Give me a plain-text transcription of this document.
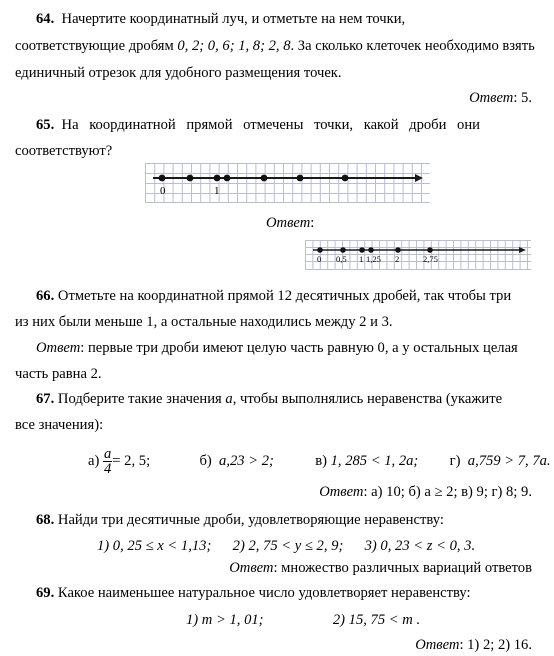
64. Начертите координатный луч, и отметьте на нем точки,
соответствующие дробям 0, 2; 0, 6; 1, 8; 2, 8. За сколько клеточек необходимо взять
единичный отрезок для удобного размещения точек.
Ответ: 5.
65. На координатной прямой отмечены точки, какой дроби они
соответствуют?
0	1
Ответ:
0 0,5 1 1,25 2	2,75
66. Отметьте на координатной прямой 12 десятичных дробей, так чтобы три
из них были меньше 1, а остальные находились между 2 и 3.
Ответ: первые три дроби имеют целую часть равную 0, а у остальных целая
часть равна 2.
67. Подберите такие значения a, чтобы выполнялись неравенства (укажите
все значения):
$а) \frac{a}{4} = 2$, 5;	б) a,23 > 2;	в) 1, 285 < 1, 2a; г) a,759 > 7, 7a.
Ответ: а) 10; б) a ≥ 2; в) 9; г) 8; 9.
68. Найди три десятичные дроби, удовлетворяющие неравенству:
1) 0, 25 ≤ x < 1,13; 2) 2, 75 < y ≤ 2, 9; 3) 0, 23 < z < 0, 3.
Ответ: множество различных вариаций ответов
69. Какое наименьшее натуральное число удовлетворяет неравенству:
1) m > 1, 01;	2) 15, 75 < m .
Ответ: 1) 2; 2) 16.
